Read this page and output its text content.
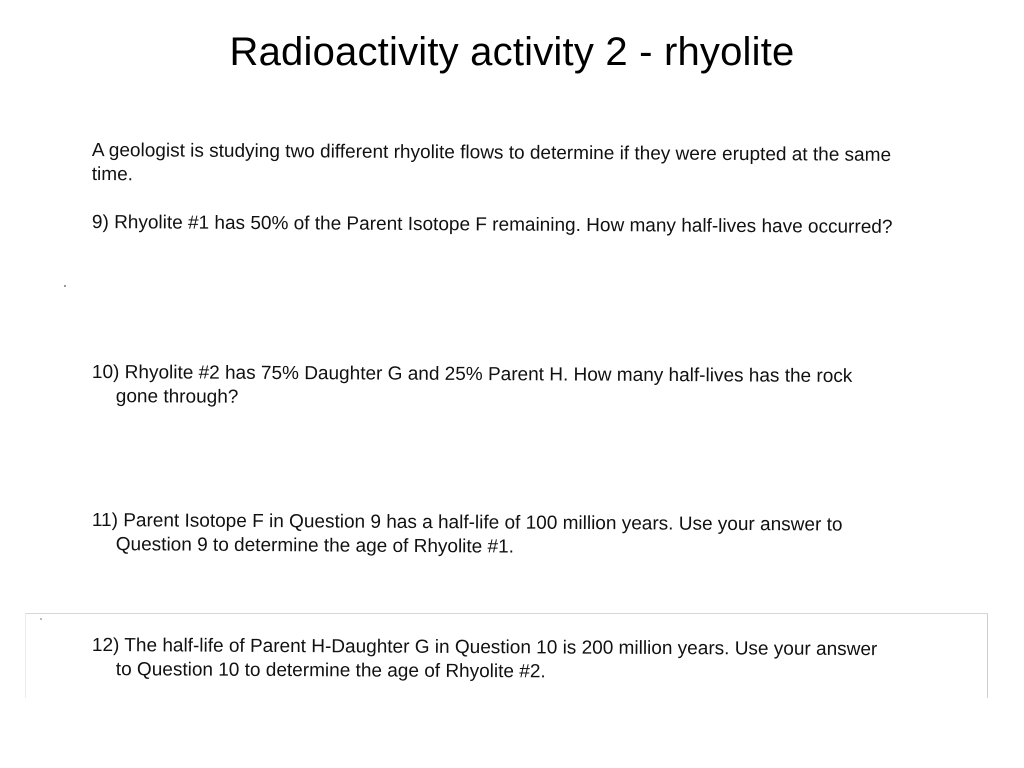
Radioactivity activity 2 - rhyolite
A geologist is studying two different rhyolite flows to determine if they were erupted at the same
time.
9) Rhyolite #1 has 50% of the Parent Isotope F remaining. How many half-lives have occurred?
10) Rhyolite #2 has 75% Daughter G and 25% Parent H. How many half-lives has the rock
gone through?
11) Parent Isotope F in Question 9 has a half-life of 100 million years. Use your answer to
Question 9 to determine the age of Rhyolite #1.
12) The half-life of Parent H-Daughter G in Question 10 is 200 million years. Use your answer
to Question 10 to determine the age of Rhyolite #2.
